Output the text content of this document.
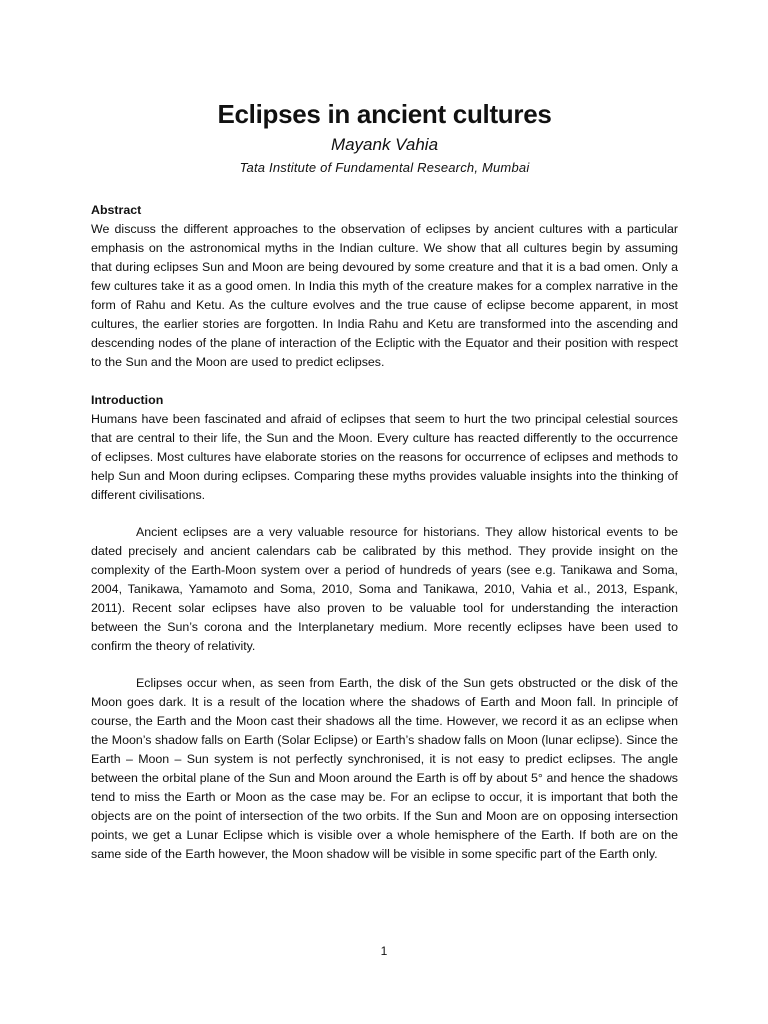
Eclipses in ancient cultures

Mayank Vahia

Tata Institute of Fundamental Research, Mumbai

Abstract

We discuss the different approaches to the observation of eclipses by ancient cultures with a particular emphasis on the astronomical myths in the Indian culture. We show that all cultures begin by assuming that during eclipses Sun and Moon are being devoured by some creature and that it is a bad omen. Only a few cultures take it as a good omen. In India this myth of the creature makes for a complex narrative in the form of Rahu and Ketu. As the culture evolves and the true cause of eclipse become apparent, in most cultures, the earlier stories are forgotten. In India Rahu and Ketu are transformed into the ascending and descending nodes of the plane of interaction of the Ecliptic with the Equator and their position with respect to the Sun and the Moon are used to predict eclipses.

Introduction

Humans have been fascinated and afraid of eclipses that seem to hurt the two principal celestial sources that are central to their life, the Sun and the Moon. Every culture has reacted differently to the occurrence of eclipses. Most cultures have elaborate stories on the reasons for occurrence of eclipses and methods to help Sun and Moon during eclipses. Comparing these myths provides valuable insights into the thinking of different civilisations.

Ancient eclipses are a very valuable resource for historians. They allow historical events to be dated precisely and ancient calendars cab be calibrated by this method. They provide insight on the complexity of the Earth-Moon system over a period of hundreds of years (see e.g. Tanikawa and Soma, 2004, Tanikawa, Yamamoto and Soma, 2010, Soma and Tanikawa, 2010, Vahia et al., 2013, Espank, 2011). Recent solar eclipses have also proven to be valuable tool for understanding the interaction between the Sun’s corona and the Interplanetary medium. More recently eclipses have been used to confirm the theory of relativity.

Eclipses occur when, as seen from Earth, the disk of the Sun gets obstructed or the disk of the Moon goes dark. It is a result of the location where the shadows of Earth and Moon fall. In principle of course, the Earth and the Moon cast their shadows all the time. However, we record it as an eclipse when the Moon’s shadow falls on Earth (Solar Eclipse) or Earth’s shadow falls on Moon (lunar eclipse). Since the Earth – Moon – Sun system is not perfectly synchronised, it is not easy to predict eclipses. The angle between the orbital plane of the Sun and Moon around the Earth is off by about 5° and hence the shadows tend to miss the Earth or Moon as the case may be. For an eclipse to occur, it is important that both the objects are on the point of intersection of the two orbits. If the Sun and Moon are on opposing intersection points, we get a Lunar Eclipse which is visible over a whole hemisphere of the Earth. If both are on the same side of the Earth however, the Moon shadow will be visible in some specific part of the Earth only.

1
